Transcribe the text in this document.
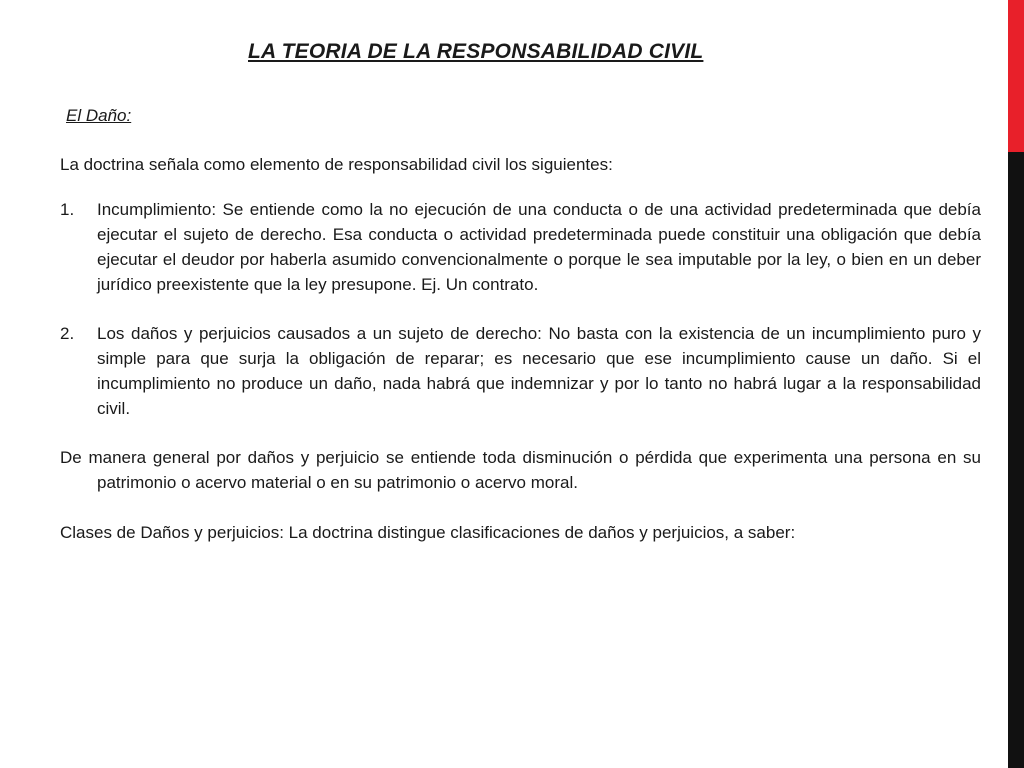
LA TEORIA DE LA RESPONSABILIDAD CIVIL
El Daño:

La doctrina señala como elemento de responsabilidad civil los siguientes:

1. Incumplimiento: Se entiende como la no ejecución de una conducta o de una actividad predeterminada que debía ejecutar el sujeto de derecho. Esa conducta o actividad predeterminada puede constituir una obligación que debía ejecutar el deudor por haberla asumido convencionalmente o porque le sea imputable por la ley, o bien en un deber jurídico preexistente que la ley presupone. Ej. Un contrato.
2. Los daños y perjuicios causados a un sujeto de derecho: No basta con la existencia de un incumplimiento puro y simple para que surja la obligación de reparar; es necesario que ese incumplimiento cause un daño. Si el incumplimiento no produce un daño, nada habrá que indemnizar y por lo tanto no habrá lugar a la responsabilidad civil.

De manera general por daños y perjuicio se entiende toda disminución o pérdida que experimenta una persona en su patrimonio o acervo material o en su patrimonio o acervo moral.

Clases de Daños y perjuicios: La doctrina distingue clasificaciones de daños y perjuicios, a saber:
